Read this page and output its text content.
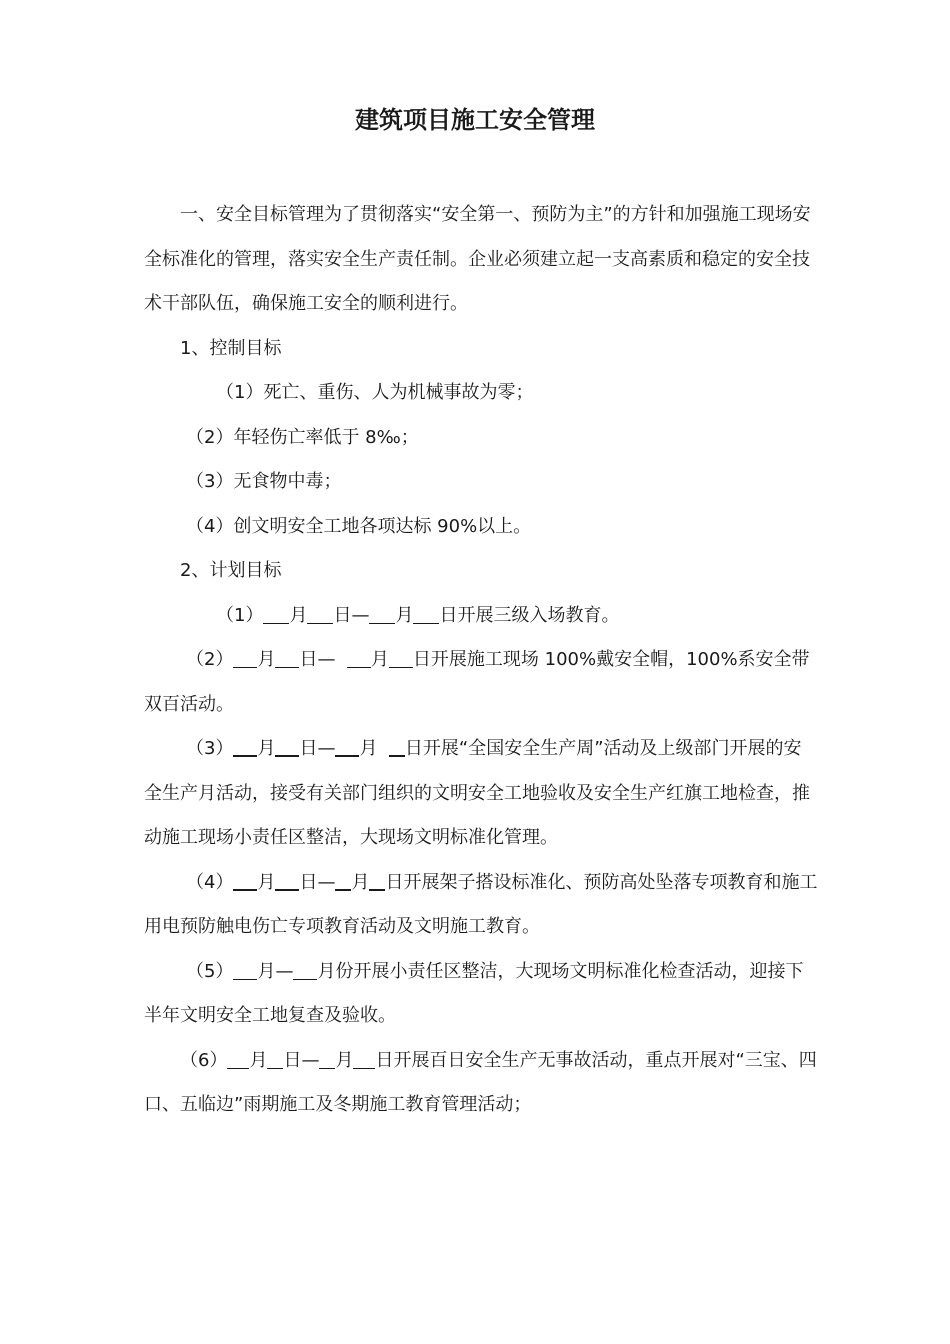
建筑项目施工安全管理

一、安全目标管理为了贯彻落实“安全第一、预防为主”的方针和加强施工现场安全标准化的管理，落实安全生产责任制。企业必须建立起一支高素质和稳定的安全技术干部队伍，确保施工安全的顺利进行。

1、控制目标

（1）死亡、重伤、人为机械事故为零；

（2）年轻伤亡率低于 8‰；

（3）无食物中毒；

（4）创文明安全工地各项达标 90%以上。

2、计划目标

（1） 月 日— 月 日开展三级入场教育。

（2） 月 日— 月 日开展施工现场 100%戴安全帽，100%系安全带双百活动。

（3） 月 日— 月 日开展“全国安全生产周”活动及上级部门开展的安全生产月活动，接受有关部门组织的文明安全工地验收及安全生产红旗工地检查，推动施工现场小责任区整洁，大现场文明标准化管理。

（4） 月 日— 月 日开展架子搭设标准化、预防高处坠落专项教育和施工用电预防触电伤亡专项教育活动及文明施工教育。

（5） 月— 月份开展小责任区整洁，大现场文明标准化检查活动，迎接下半年文明安全工地复查及验收。

（6） 月 日— 月 日开展百日安全生产无事故活动，重点开展对“三宝、四口、五临边”雨期施工及冬期施工教育管理活动；
